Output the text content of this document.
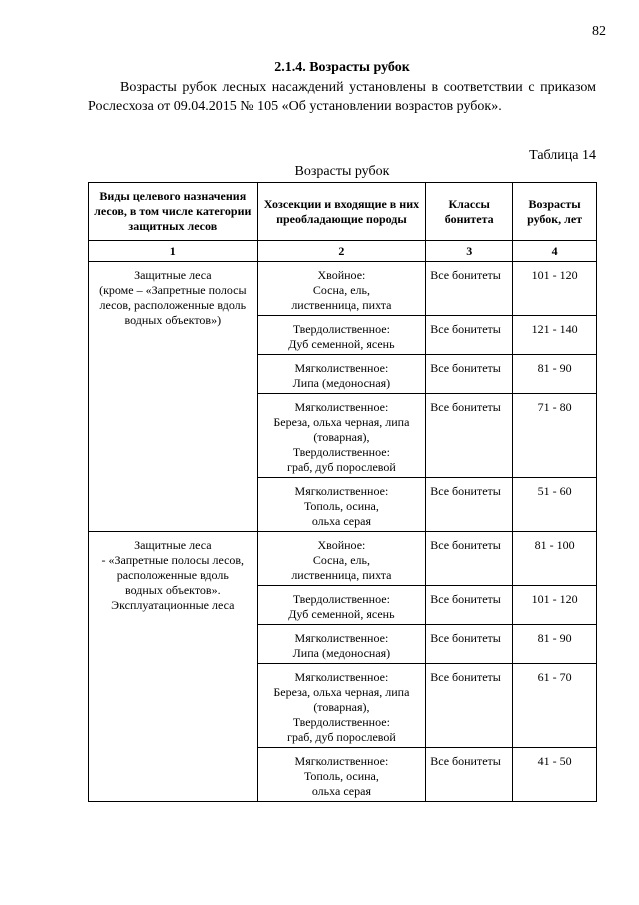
82
2.1.4. Возрасты рубок
Возрасты рубок лесных насаждений установлены в соответствии с приказом Рослесхоза от 09.04.2015 № 105 «Об установлении возрастов рубок».
Таблица 14
Возрасты рубок
Виды целевого назначения лесов, в том числе категории защитных лесов	Хозсекции и входящие в них преобладающие породы	Классы бонитета	Возрасты рубок, лет
1	2	3	4

Защитные леса
(кроме – «Запретные полосы
лесов, расположенные вдоль
водных объектов»)	Хвойное:
Сосна, ель,
лиственница, пихта	Все бонитеты	101 - 120

	Твердолиственное:
Дуб семенной, ясень	Все бонитеты	121 - 140

	Мягколиственное:
Липа (медоносная)	Все бонитеты	81 - 90

	Мягколиственное:
Береза, ольха черная, липа
(товарная),
Твердолиственное:
граб, дуб порослевой	Все бонитеты	71 - 80

	Мягколиственное:
Тополь, осина,
ольха серая	Все бонитеты	51 - 60

Защитные леса
- «Запретные полосы лесов,
расположенные вдоль
водных объектов».
Эксплуатационные леса	Хвойное:
Сосна, ель,
лиственница, пихта	Все бонитеты	81 - 100

	Твердолиственное:
Дуб семенной, ясень	Все бонитеты	101 - 120

	Мягколиственное:
Липа (медоносная)	Все бонитеты	81 - 90

	Мягколиственное:
Береза, ольха черная, липа
(товарная),
Твердолиственное:
граб, дуб порослевой	Все бонитеты	61 - 70

	Мягколиственное:
Тополь, осина,
ольха серая	Все бонитеты	41 - 50
